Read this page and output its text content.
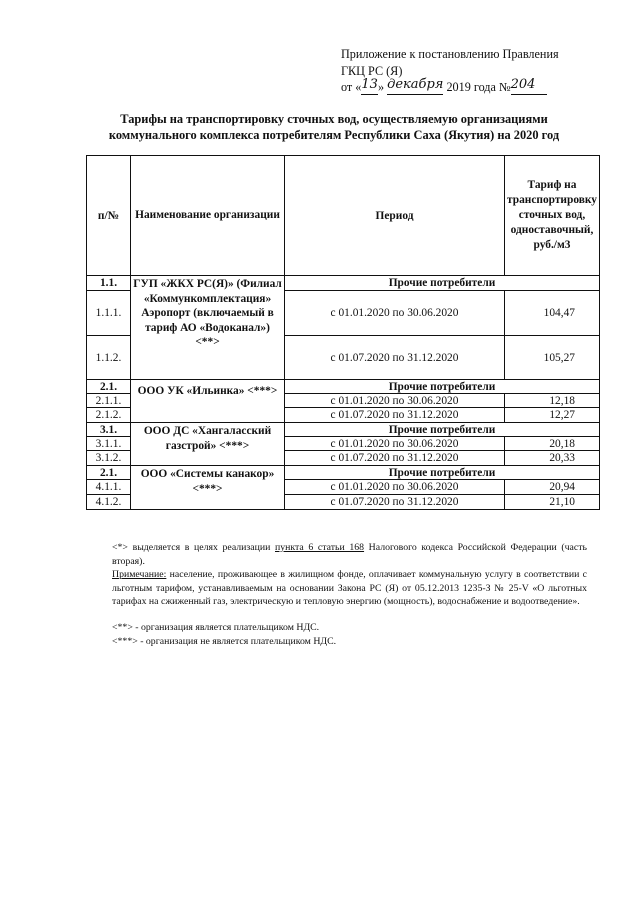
Приложение к постановлению Правления
ГКЦ РС (Я)
от «13» декабря 2019 года №204
Тарифы на транспортировку сточных вод, осуществляемую организациями коммунального комплекса потребителям Республики Саха (Якутия) на 2020 год
п/№	Наименование организации	Период	Тариф на транспортировку сточных вод, одноставочный, руб./м3
1.1.	ГУП «ЖКХ РС(Я)» (Филиал «Коммункомплектация» Аэропорт (включаемый в тариф АО «Водоканал») <**>	Прочие потребители	
1.1.1.		с 01.01.2020 по 30.06.2020	104,47
1.1.2.		с 01.07.2020 по 31.12.2020	105,27
2.1.	ООО УК «Ильинка» <***>	Прочие потребители	
2.1.1.		с 01.01.2020 по 30.06.2020	12,18
2.1.2.		с 01.07.2020 по 31.12.2020	12,27
3.1.	ООО ДС «Хангаласский газстрой» <***>	Прочие потребители	
3.1.1.		с 01.01.2020 по 30.06.2020	20,18
3.1.2.		с 01.07.2020 по 31.12.2020	20,33
2.1.	ООО «Системы канакор» <***>	Прочие потребители	
4.1.1.		с 01.01.2020 по 30.06.2020	20,94
4.1.2.		с 01.07.2020 по 31.12.2020	21,10

<*> выделяется в целях реализации пункта 6 статьи 168 Налогового кодекса Российской Федерации (часть вторая).

Примечание: население, проживающее в жилищном фонде, оплачивает коммунальную услугу в соответствии с льготным тарифом, устанавливаемым на основании Закона РС (Я) от 05.12.2013 1235-З № 25-V «О льготных тарифах на сжиженный газ, электрическую и тепловую энергию (мощность), водоснабжение и водоотведение».

<**> - организация является плательщиком НДС.

<***> - организация не является плательщиком НДС.
